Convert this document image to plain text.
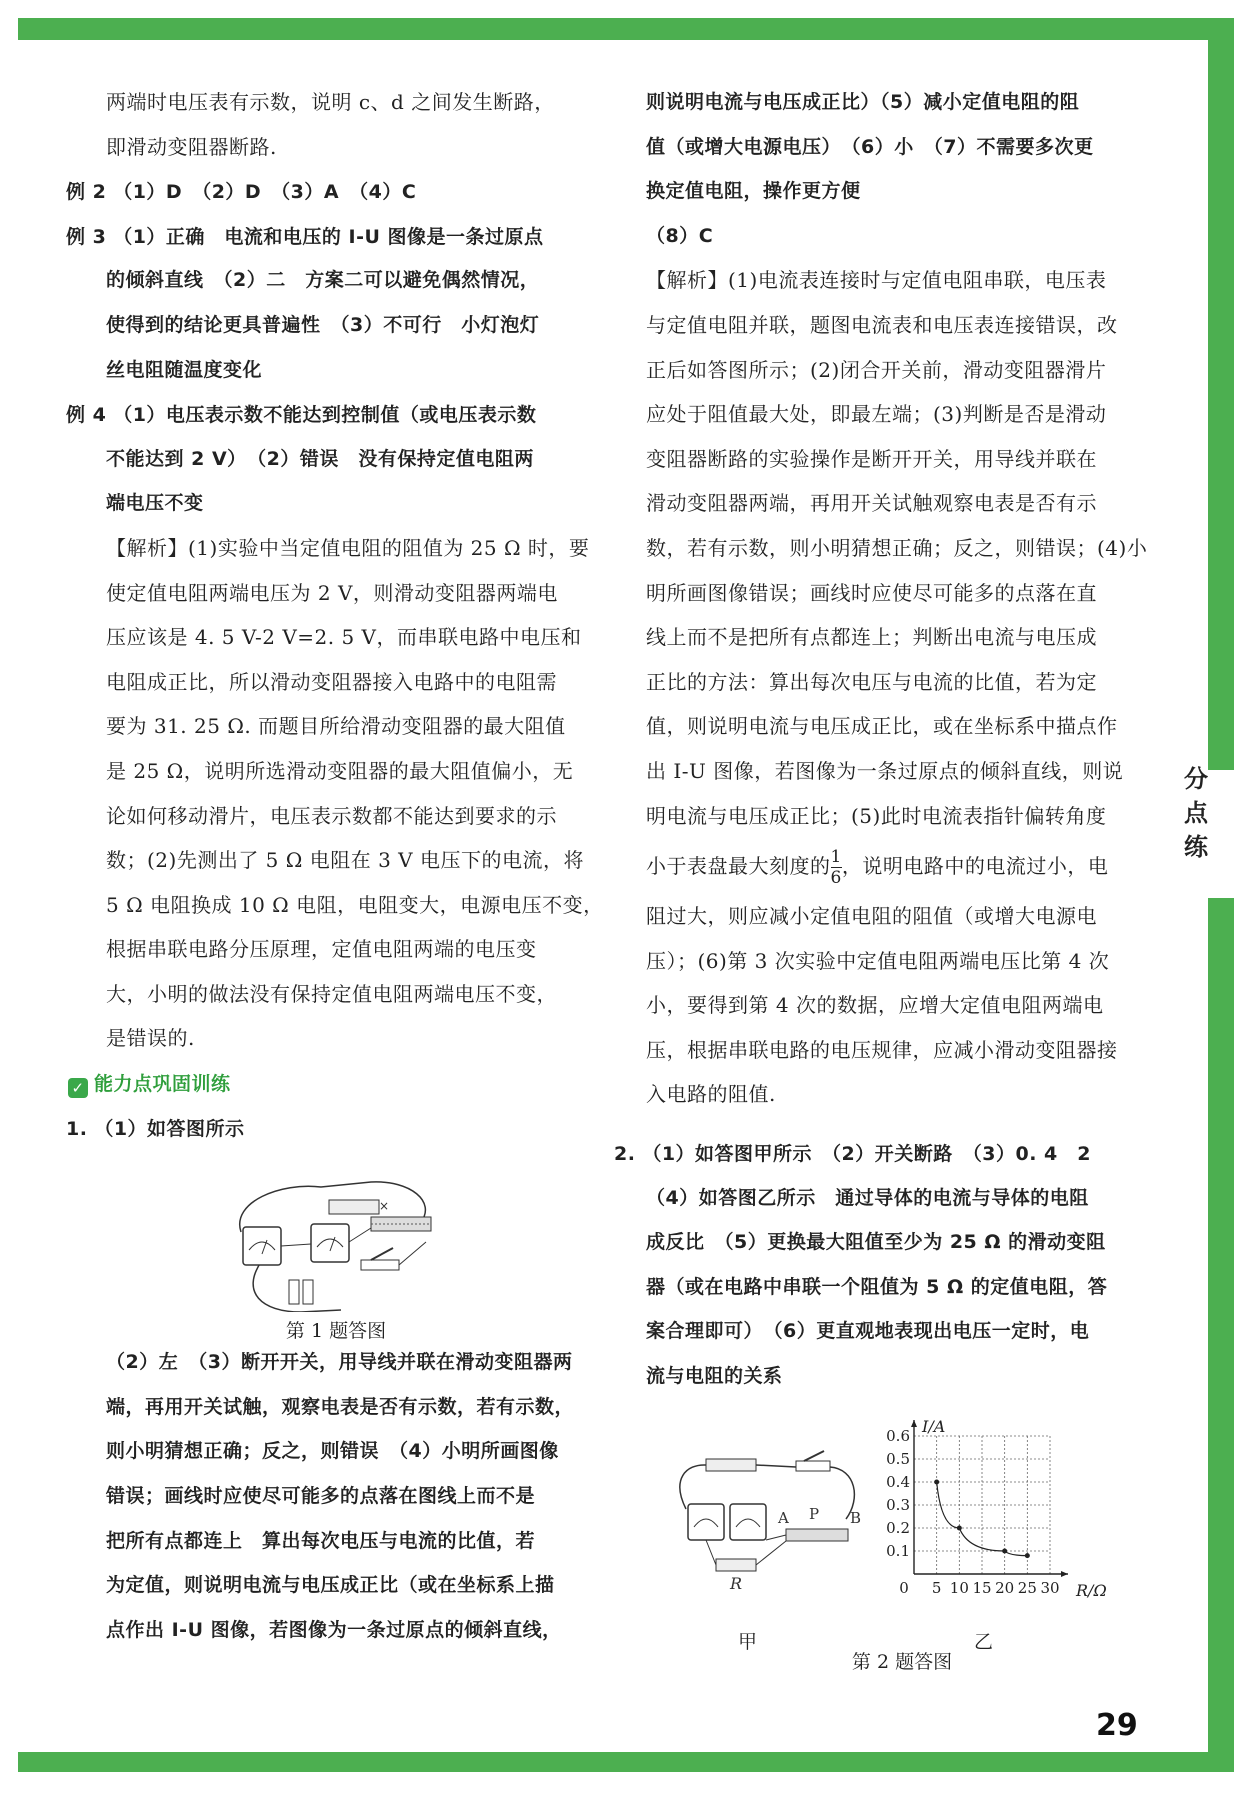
分点练
29
两端时电压表有示数，说明 c、d 之间发生断路，
即滑动变阻器断路.
例 2 （1）D　（2）D　（3）A　（4）C
例 3 （1）正确　电流和电压的 I-U 图像是一条过原点
的倾斜直线　（2）二　方案二可以避免偶然情况，
使得到的结论更具普遍性　（3）不可行　小灯泡灯
丝电阻随温度变化
例 4 （1）电压表示数不能达到控制值（或电压表示数
不能达到 2 V）　（2）错误　没有保持定值电阻两
端电压不变
【解析】(1)实验中当定值电阻的阻值为 25 Ω 时，要
使定值电阻两端电压为 2 V，则滑动变阻器两端电
压应该是 4. 5 V-2 V=2. 5 V，而串联电路中电压和
电阻成正比，所以滑动变阻器接入电路中的电阻需
要为 31. 25 Ω. 而题目所给滑动变阻器的最大阻值
是 25 Ω，说明所选滑动变阻器的最大阻值偏小，无
论如何移动滑片，电压表示数都不能达到要求的示
数；(2)先测出了 5 Ω 电阻在 3 V 电压下的电流，将
5 Ω 电阻换成 10 Ω 电阻，电阻变大，电源电压不变，
根据串联电路分压原理，定值电阻两端的电压变
大，小明的做法没有保持定值电阻两端电压不变，
是错误的.
✓ 能力点巩固训练
1. （1）如答图所示
×
第 1 题答图
（2）左　（3）断开开关，用导线并联在滑动变阻器两
端，再用开关试触，观察电表是否有示数，若有示数，
则小明猜想正确；反之，则错误　（4）小明所画图像
错误；画线时应使尽可能多的点落在图线上而不是
把所有点都连上　算出每次电压与电流的比值，若
为定值，则说明电流与电压成正比（或在坐标系上描
点作出 I-U 图像，若图像为一条过原点的倾斜直线，
则说明电流与电压成正比）（5）减小定值电阻的阻
值（或增大电源电压）　（6）小　（7）不需要多次更
换定值电阻，操作更方便
（8）C
【解析】(1)电流表连接时与定值电阻串联，电压表
与定值电阻并联，题图电流表和电压表连接错误，改
正后如答图所示；(2)闭合开关前，滑动变阻器滑片
应处于阻值最大处，即最左端；(3)判断是否是滑动
变阻器断路的实验操作是断开开关，用导线并联在
滑动变阻器两端，再用开关试触观察电表是否有示
数，若有示数，则小明猜想正确；反之，则错误；(4)小
明所画图像错误；画线时应使尽可能多的点落在直
线上而不是把所有点都连上；判断出电流与电压成
正比的方法：算出每次电压与电流的比值，若为定
值，则说明电流与电压成正比，或在坐标系中描点作
出 I-U 图像，若图像为一条过原点的倾斜直线，则说
明电流与电压成正比；(5)此时电流表指针偏转角度
小于表盘最大刻度的 $\frac{1}{6}$ ，说明电路中的电流过小，电
阻过大，则应减小定值电阻的阻值（或增大电源电
压）；(6)第 3 次实验中定值电阻两端电压比第 4 次
小，要得到第 4 次的数据，应增大定值电阻两端电
压，根据串联电路的电压规律，应减小滑动变阻器接
入电路的阻值.
2. （1）如答图甲所示　（2）开关断路　（3）0. 4　2
（4）如答图乙所示　通过导体的电流与导体的电阻
成反比　（5）更换最大阻值至少为 25 Ω 的滑动变阻
器（或在电路中串联一个阻值为 5 Ω 的定值电阻，答
案合理即可）　（6）更直观地表现出电压一定时，电
流与电阻的关系
A P B
R
甲
0 5 10 15 20 25 30
0.1
0.2
0.3
0.4
0.5
0.6
R/Ω
I/A
乙
第 2 题答图
